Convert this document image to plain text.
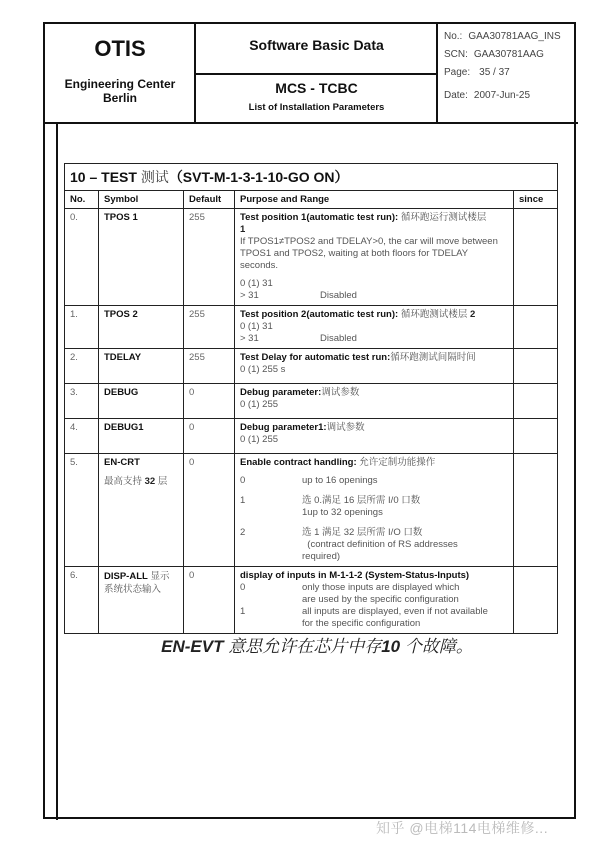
OTIS
Engineering Center
Berlin
Software Basic Data
MCS - TCBC
List of Installation Parameters
No.: GAA30781AAG_INS
SCN: GAA30781AAG
Page: 35 / 37
Date: 2007-Jun-25
10 – TEST 测试（SVT-M-1-3-1-10-GO ON）				
No.	Symbol	Default	Purpose and Range	since
0.	TPOS 1	255	Test position 1(automatic test run): 循环跑运行测试楼层
1
If TPOS1≠TPOS2 and TDELAY>0, the car will move between TPOS1 and TPOS2, waiting at both floors for TDELAY seconds.
0 (1) 31
> 31	Disabled

1.	TPOS 2	255	Test position 2(automatic test run): 循环跑测试楼层 2
0 (1) 31
> 31 Disabled	

2.	TDELAY	255	Test Delay for automatic test run:循环跑测试间隔时间
0 (1) 255 s	

3.	DEBUG	0	Debug parameter:调试参数
0 (1) 255	

4.	DEBUG1	0	Debug parameter1:调试参数
0 (1) 255	

5.	EN-CRT
最高支持 32 层
	0	Enable contract handling: 允许定制功能操作
0	up to 16 openings
1	选 0.满足 16 层所需 I/0 口数
1up to 32 openings
2	选 1 满足 32 层所需 I/O 口数
(contract definition of RS addresses
required)

6.	DISP-ALL 显示系统状态输入	0	display of inputs in M-1-1-2 (System-Status-Inputs)
0	only those inputs are displayed which
are used by the specific configuration
1	all inputs are displayed, even if not available
for the specific configuration

EN-EVT 意思允许在芯片中存10 个故障。
知乎 @电梯114电梯维修...
